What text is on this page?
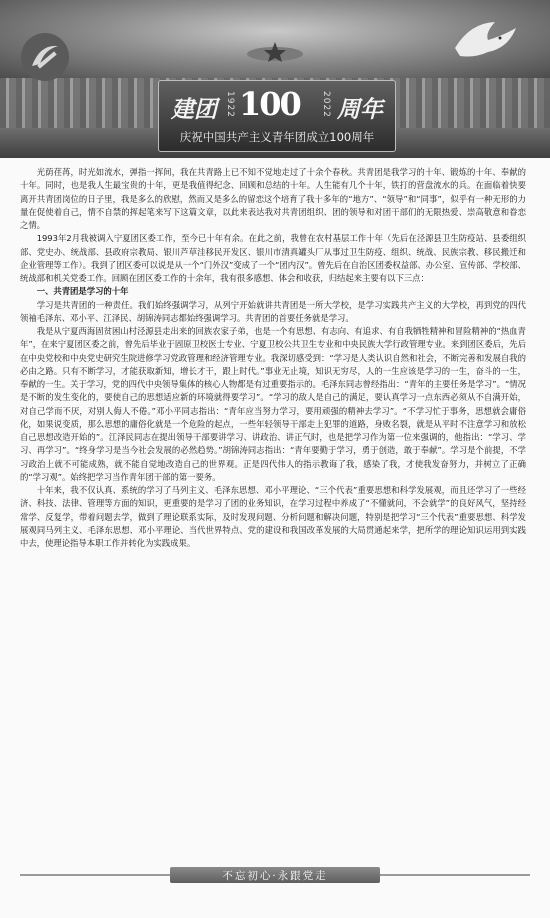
建团 1922 100 2022 周年
庆祝中国共产主义青年团成立100周年

光荫荏苒，时光如流水，弹指一挥间，我在共青路上已不知不觉地走过了十余个春秋。共青团是我学习的十年、锻炼的十年、奉献的十年。同时，也是我人生最宝贵的十年，更是我值得纪念、回顾和总结的十年。人生能有几个十年，铁打的营盘流水的兵。在面临着快要离开共青团岗位的日子里，我是多么的欣慰，然而又是多么的留恋这个培育了我十多年的“地方”、“领导”和“同事”，似乎有一种无形的力量在促使着自己，情不自禁的挥起笔来写下这篇文章，以此来表达我对共青团组织、团的领导和对团干部们的无限热爱、崇高敬意和眷恋之情。

1993年2月我被调入宁夏团区委工作，至今已十年有余。在此之前，我曾在农村基层工作十年（先后在泾源县卫生防疫站、县委组织部、党史办、统战部、县政府宗教局、银川芦草洼移民开发区、银川市清真罐头厂从事过卫生防疫、组织、统战、民族宗教、移民搬迁和企业管理等工作）。我到了团区委可以说是从一个“门外汉”变成了一个“团内汉”。曾先后在自治区团委权益部、办公室、宣传部、学校部、统战部和机关党委工作。回顾在团区委工作的十余年，我有很多感想、体会和收获，归结起来主要有以下三点：

一、共青团是学习的十年

学习是共青团的一种责任。我们始终强调学习，从列宁开始就讲共青团是一所大学校，是学习实践共产主义的大学校，再到党的四代领袖毛泽东、邓小平、江泽民、胡锦涛同志都始终强调学习。共青团的首要任务就是学习。

我是从宁夏西海固贫困山村泾源县走出来的回族农家子弟，也是一个有思想、有志向、有追求、有自我牺牲精神和冒险精神的“热血青年”，在来宁夏团区委之前，曾先后毕业于固原卫校医士专业、宁夏卫校公共卫生专业和中央民族大学行政管理专业。来到团区委后，先后在中央党校和中央党史研究生院进修学习党政管理和经济管理专业。我深切感受到：“学习是人类认识自然和社会，不断完善和发展自我的必由之路。只有不断学习，才能获取新知，增长才干，跟上时代。”事业无止境，知识无穷尽，人的一生应该是学习的一生，奋斗的一生，奉献的一生。关于学习，党的四代中央领导集体的核心人物都是有过重要指示的。毛泽东同志曾经指出：“青年的主要任务是学习”。“情况是不断的发生变化的，要使自己的思想适应新的环境就得要学习”。“学习的敌人是自己的满足，要认真学习一点东西必须从不自满开始，对自己学而不厌，对别人侮人不倦。”邓小平同志指出：“青年应当努力学习，要用顽强的精神去学习”。“不学习忙于事务，思想就会庸俗化，如果说变质，那么思想的庸俗化就是一个危险的起点，一些年轻领导干部走上犯罪的道路，身败名裂，就是从平时不注意学习和放松自己思想改造开始的”。江泽民同志在提出领导干部要讲学习、讲政治、讲正气时，也是把学习作为第一位来强调的，他指出：“学习、学习、再学习”。“终身学习是当今社会发展的必然趋势。”胡锦涛同志指出：“青年要勤于学习，勇于创造，敢于奉献”。学习是个前提，不学习政治上就不可能成熟，就不能自觉地改造自己的世界观。正是四代伟人的指示教诲了我，感染了我，才使我发奋努力，并树立了正确的“学习观”。始终把学习当作青年团干部的第一要务。

十年来，我不仅认真、系统的学习了马列主义、毛泽东思想、邓小平理论、“三个代表”重要思想和科学发展观，而且还学习了一些经济、科技、法律、管理等方面的知识，更重要的是学习了团的业务知识，在学习过程中养成了“不懂就问，不会就学”的良好风气，坚持经常学、反复学，带着问题去学，做到了理论联系实际，及时发现问题、分析问题和解决问题，特别是把学习“三个代表”重要思想、科学发展观同马列主义、毛泽东思想、邓小平理论、当代世界特点、党的建设和我国改革发展的大局贯通起来学，把所学的理论知识运用到实践中去，使理论指导本职工作并转化为实践成果。

不忘初心·永跟党走
